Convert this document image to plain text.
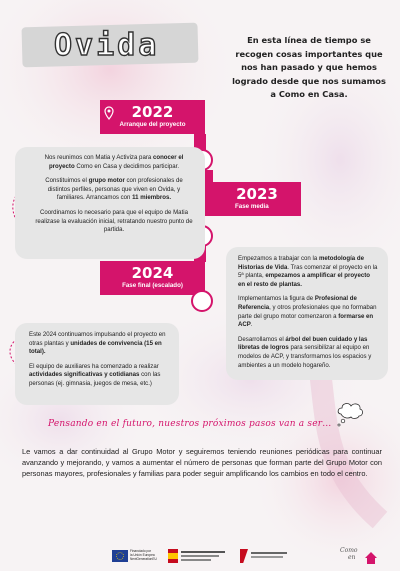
Ovida	En esta línea de tiempo se recogen cosas importantes que nos han pasado y que hemos logrado desde que nos sumamos a Como en Casa.
2022
Arranque del proyecto
2023
Fase media
2024
Fase final (escalado)

Nos reunimos con Matia y Activiza para conocer el proyecto Como en Casa y decidimos participar.

Constituimos el grupo motor con profesionales de distintos perfiles, personas que viven en Ovida, y familiares. Arrancamos con 11 miembros.

Coordinamos lo necesario para que el equipo de Matia realizase la evaluación inicial, retratando nuestro punto de partida.

Empezamos a trabajar con la metodología de Historias de Vida. Tras comenzar el proyecto en la 5ª planta, empezamos a amplificar el proyecto en el resto de plantas.

Implementamos la figura de Profesional de Referencia, y otros profesionales que no formaban parte del grupo motor comenzaron a formarse en ACP.

Desarrollamos el árbol del buen cuidado y las libretas de logros para sensibilizar al equipo en modelos de ACP, y transformamos los espacios y ambientes a un modelo hogareño.

Este 2024 continuamos impulsando el proyecto en otras plantas y unidades de convivencia (15 en total).

El equipo de auxiliares ha comenzado a realizar actividades significativas y cotidianas con las personas (ej. gimnasia, juegos de mesa, etc.)

Pensando en el futuro, nuestros próximos pasos van a ser…
Le vamos a dar continuidad al Grupo Motor y seguiremos teniendo reuniones periódicas para continuar avanzando y mejorando, y vamos a aumentar el número de personas que forman parte del Grupo Motor con personas mayores, profesionales y familias para poder seguir amplificando los cambios en todo el centro.
Financiado por
la Unión Europea
NextGenerationEU
Como
en
